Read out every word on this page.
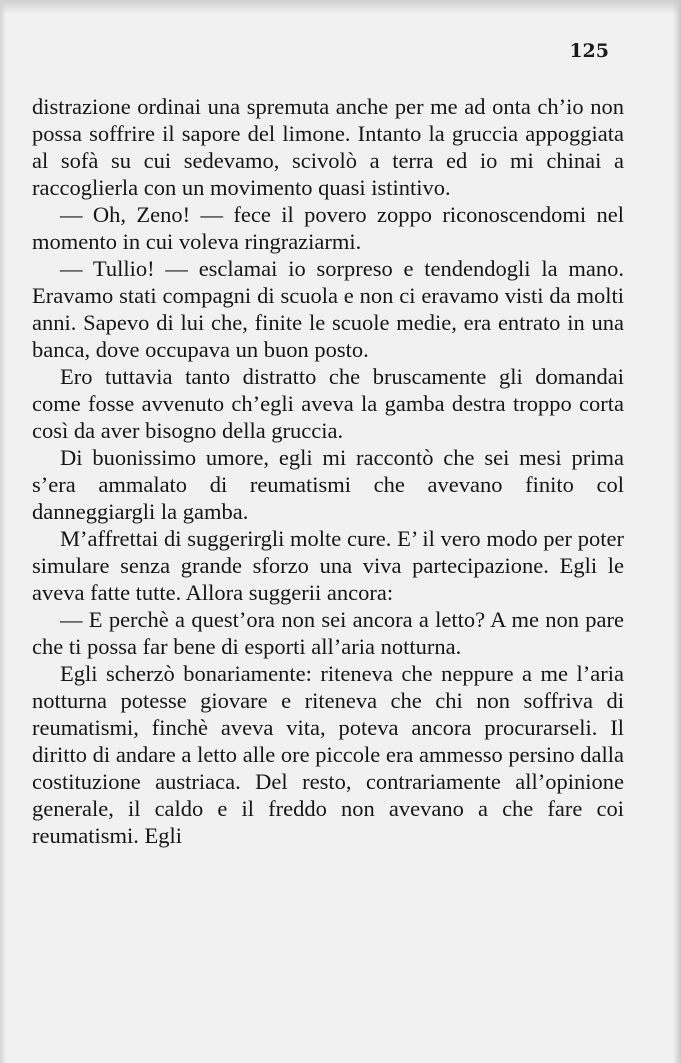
125

distrazione ordinai una spremuta anche per me ad onta ch’io non possa soffrire il sapore del limone. Intanto la gruccia appoggiata al sofà su cui sedevamo, scivolò a terra ed io mi chinai a raccoglierla con un movimento quasi istintivo.

— Oh, Zeno! — fece il povero zoppo riconoscendomi nel momento in cui voleva ringraziarmi.

— Tullio! — esclamai io sorpreso e tendendogli la mano. Eravamo stati compagni di scuola e non ci eravamo visti da molti anni. Sapevo di lui che, finite le scuole medie, era entrato in una banca, dove occupava un buon posto.

Ero tuttavia tanto distratto che bruscamente gli domandai come fosse avvenuto ch’egli aveva la gamba destra troppo corta così da aver bisogno della gruccia.

Di buonissimo umore, egli mi raccontò che sei mesi prima s’era ammalato di reumatismi che avevano finito col danneggiargli la gamba.

M’affrettai di suggerirgli molte cure. E’ il vero modo per poter simulare senza grande sforzo una viva partecipazione. Egli le aveva fatte tutte. Allora suggerii ancora:

— E perchè a quest’ora non sei ancora a letto? A me non pare che ti possa far bene di esporti all’aria notturna.

Egli scherzò bonariamente: riteneva che neppure a me l’aria notturna potesse giovare e riteneva che chi non soffriva di reumatismi, finchè aveva vita, poteva ancora procurarseli. Il diritto di andare a letto alle ore piccole era ammesso persino dalla costituzione austriaca. Del resto, contrariamente all’opinione generale, il caldo e il freddo non avevano a che fare coi reumatismi. Egli
